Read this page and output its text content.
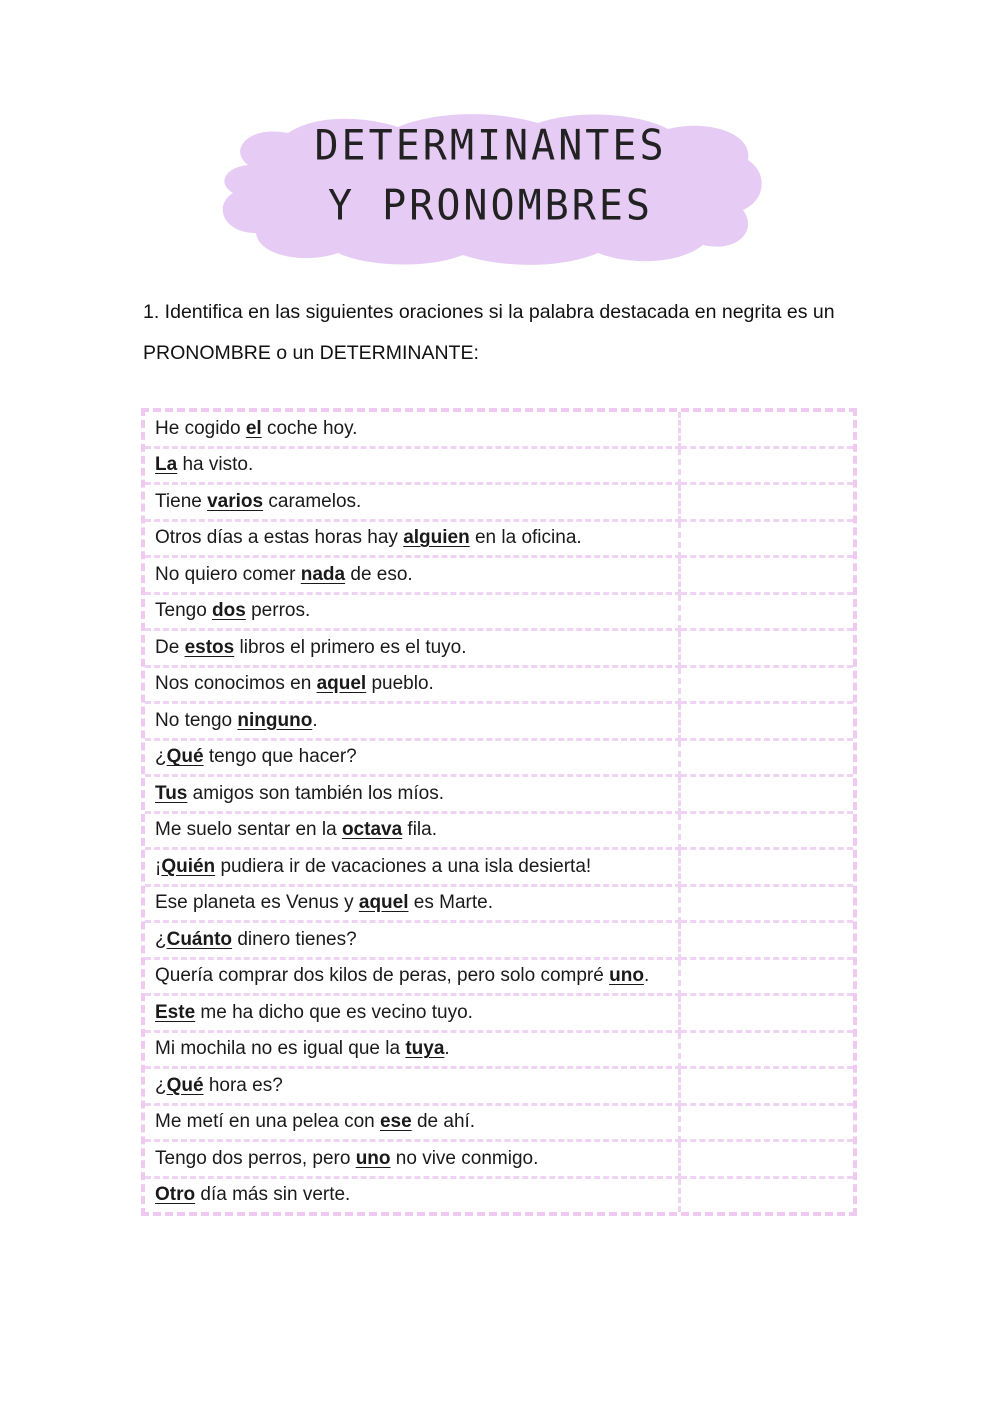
DETERMINANTES
Y PRONOMBRES
1. Identifica en las siguientes oraciones si la palabra destacada en negrita es un PRONOMBRE o un DETERMINANTE:
He cogido el coche hoy.	
La ha visto.	
Tiene varios caramelos.	
Otros días a estas horas hay alguien en la oficina.	
No quiero comer nada de eso.	
Tengo dos perros.	
De estos libros el primero es el tuyo.	
Nos conocimos en aquel pueblo.	
No tengo ninguno.	
¿Qué tengo que hacer?	
Tus amigos son también los míos.	
Me suelo sentar en la octava fila.	
¡Quién pudiera ir de vacaciones a una isla desierta!	
Ese planeta es Venus y aquel es Marte.	
¿Cuánto dinero tienes?	
Quería comprar dos kilos de peras, pero solo compré uno.	
Este me ha dicho que es vecino tuyo.	
Mi mochila no es igual que la tuya.	
¿Qué hora es?	
Me metí en una pelea con ese de ahí.	
Tengo dos perros, pero uno no vive conmigo.	
Otro día más sin verte.	
